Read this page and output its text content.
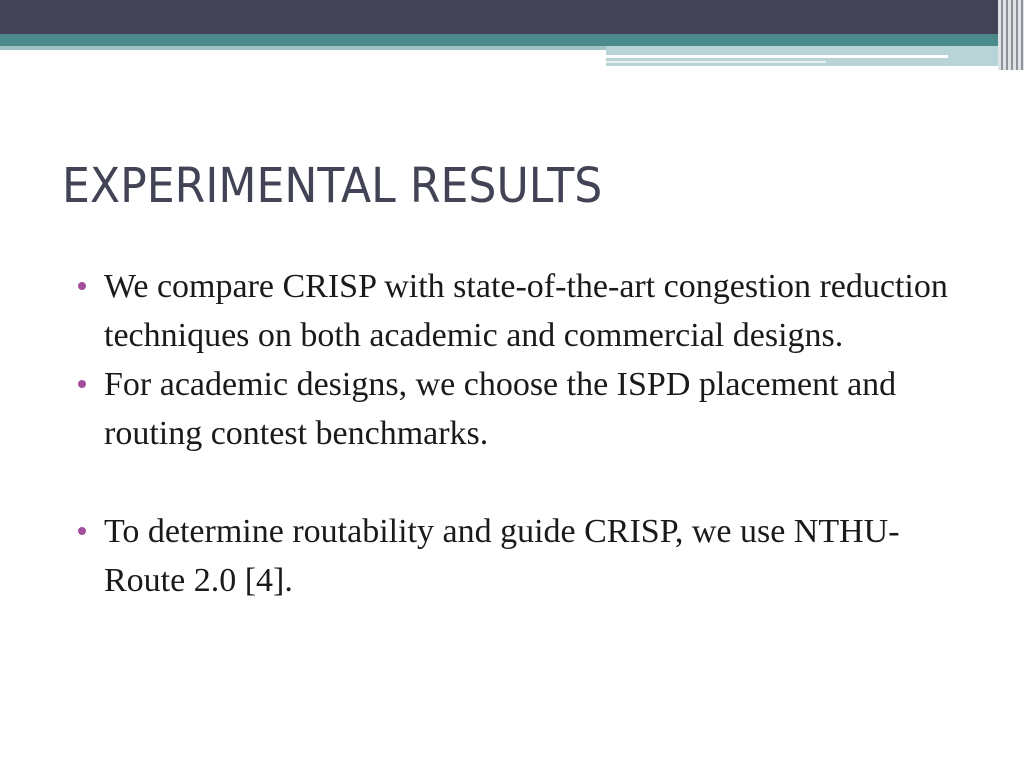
EXPERIMENTAL RESULTS
We compare CRISP with state-of-the-art congestion reduction techniques on both academic and commercial designs.
For academic designs, we choose the ISPD placement and routing contest benchmarks.
To determine routability and guide CRISP, we use NTHU-Route 2.0 [4].
